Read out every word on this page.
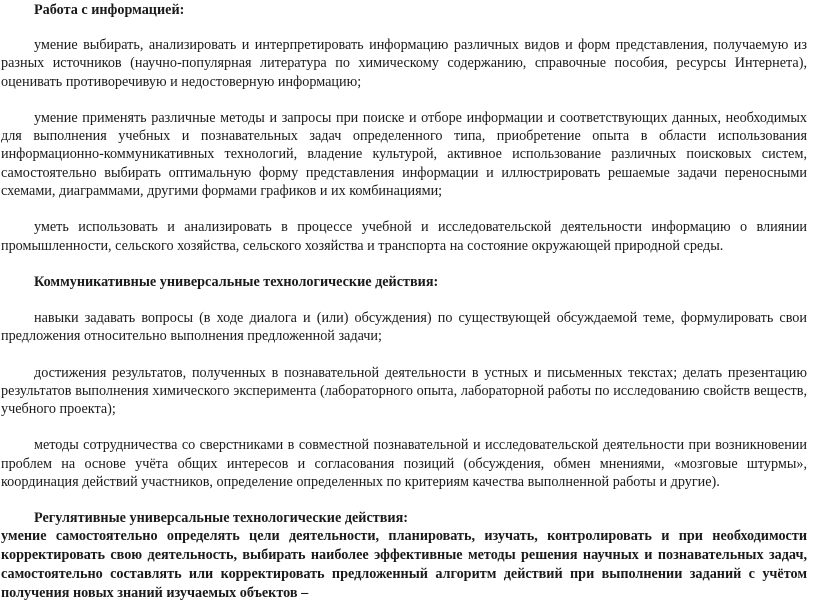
Работа с информацией:

умение выбирать, анализировать и интерпретировать информацию различных видов и форм представления, получаемую из разных источников (научно-популярная литература по химическому содержанию, справочные пособия, ресурсы Интернета), оценивать противоречивую и недостоверную информацию;

умение применять различные методы и запросы при поиске и отборе информации и соответствующих данных, необходимых для выполнения учебных и познавательных задач определенного типа, приобретение опыта в области использования информационно-коммуникативных технологий, владение культурой, активное использование различных поисковых систем, самостоятельно выбирать оптимальную форму представления информации и иллюстрировать решаемые задачи переносными схемами, диаграммами, другими формами графиков и их комбинациями;

уметь использовать и анализировать в процессе учебной и исследовательской деятельности информацию о влиянии промышленности, сельского хозяйства, сельского хозяйства и транспорта на состояние окружающей природной среды.

Коммуникативные универсальные технологические действия:

навыки задавать вопросы (в ходе диалога и (или) обсуждения) по существующей обсуждаемой теме, формулировать свои предложения относительно выполнения предложенной задачи;

достижения результатов, полученных в познавательной деятельности в устных и письменных текстах; делать презентацию результатов выполнения химического эксперимента (лабораторного опыта, лабораторной работы по исследованию свойств веществ, учебного проекта);

методы сотрудничества со сверстниками в совместной познавательной и исследовательской деятельности при возникновении проблем на основе учёта общих интересов и согласования позиций (обсуждения, обмен мнениями, «мозговые штурмы», координация действий участников, определение определенных по критериям качества выполненной работы и другие).

Регулятивные универсальные технологические действия:

умение самостоятельно определять цели деятельности, планировать, изучать, контролировать и при необходимости корректировать свою деятельность, выбирать наиболее эффективные методы решения научных и познавательных задач, самостоятельно составлять или корректировать предложенный алгоритм действий при выполнении заданий с учётом получения новых знаний изучаемых объектов –
